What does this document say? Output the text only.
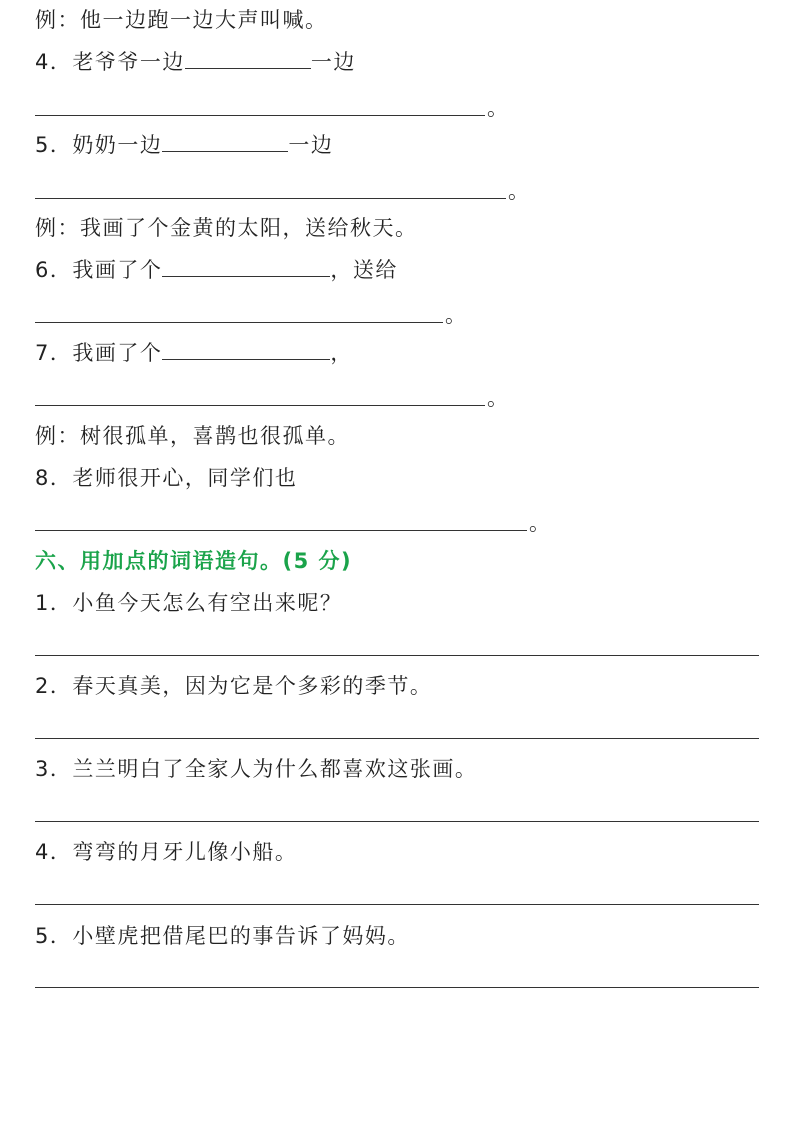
例：他一边跑一边大声叫喊。
4．老爷爷一边	一边
。
5．奶奶一边	一边
。
例：我画了个金黄的太阳，送给秋天。
6．我画了个	，送给
。
7．我画了个	，
。
例：树很孤单，喜鹊也很孤单。
8．老师很开心，同学们也
。
六、用加点的词语造句。(5 分)
1．小鱼今天怎么有空出来呢？
2．春天真美，因为它是个多彩的季节。
3．兰兰明白了全家人为什么都喜欢这张画。
4．弯弯的月牙儿像小船。
5．小壁虎把借尾巴的事告诉了妈妈。
